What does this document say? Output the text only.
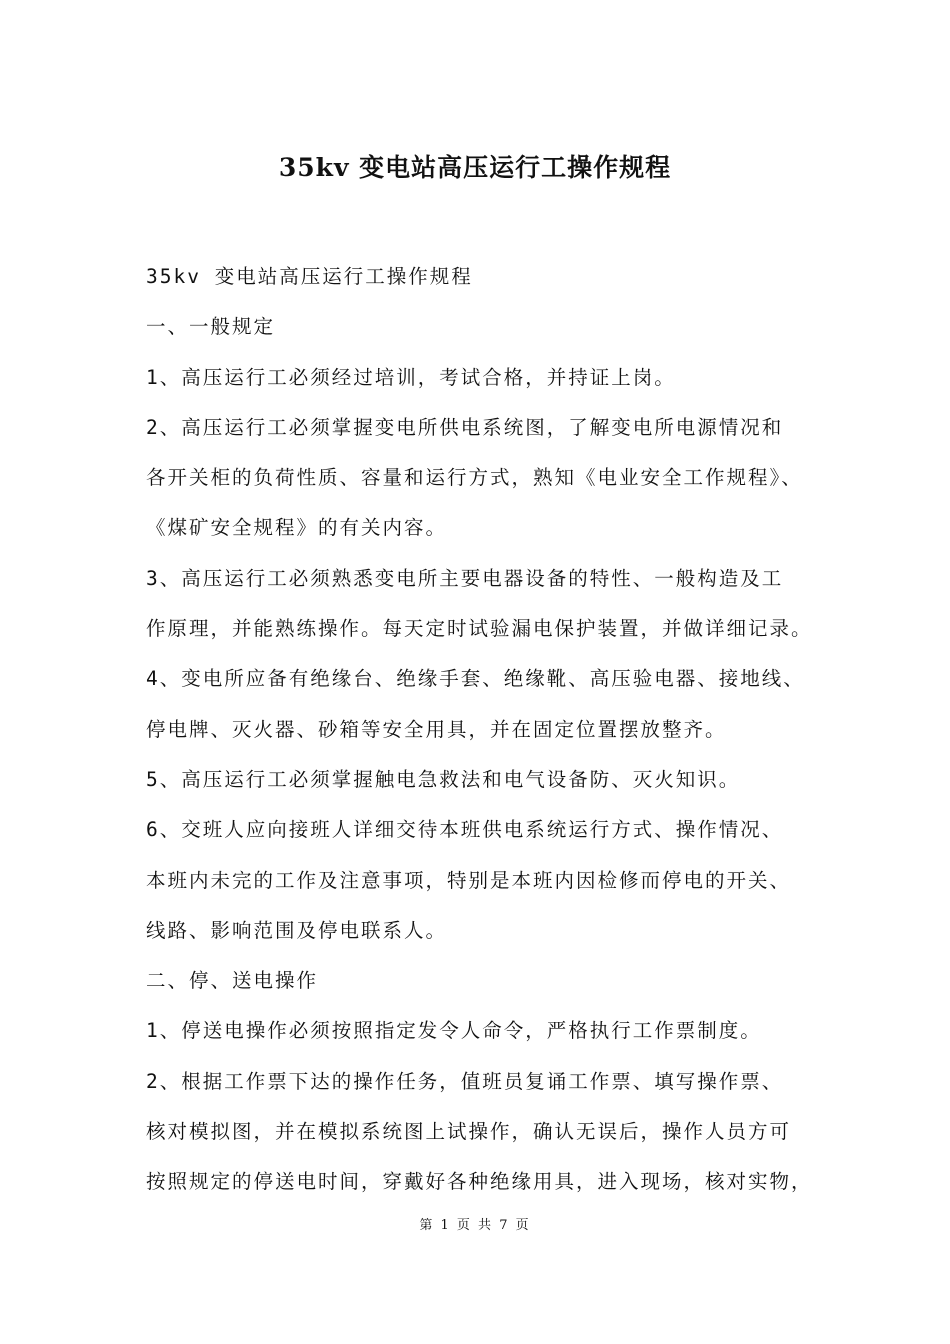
35kv 变电站高压运行工操作规程
35kv 变电站高压运行工操作规程
一、一般规定
1、高压运行工必须经过培训，考试合格，并持证上岗。
2、高压运行工必须掌握变电所供电系统图，了解变电所电源情况和
各开关柜的负荷性质、容量和运行方式，熟知《电业安全工作规程》、
《煤矿安全规程》的有关内容。
3、高压运行工必须熟悉变电所主要电器设备的特性、一般构造及工
作原理，并能熟练操作。每天定时试验漏电保护装置，并做详细记录。
4、变电所应备有绝缘台、绝缘手套、绝缘靴、高压验电器、接地线、
停电牌、灭火器、砂箱等安全用具，并在固定位置摆放整齐。
5、高压运行工必须掌握触电急救法和电气设备防、灭火知识。
6、交班人应向接班人详细交待本班供电系统运行方式、操作情况、
本班内未完的工作及注意事项，特别是本班内因检修而停电的开关、
线路、影响范围及停电联系人。
二、停、送电操作
1、停送电操作必须按照指定发令人命令，严格执行工作票制度。
2、根据工作票下达的操作任务，值班员复诵工作票、填写操作票、
核对模拟图，并在模拟系统图上试操作，确认无误后，操作人员方可
按照规定的停送电时间，穿戴好各种绝缘用具，进入现场，核对实物，
第 1 页 共 7 页
